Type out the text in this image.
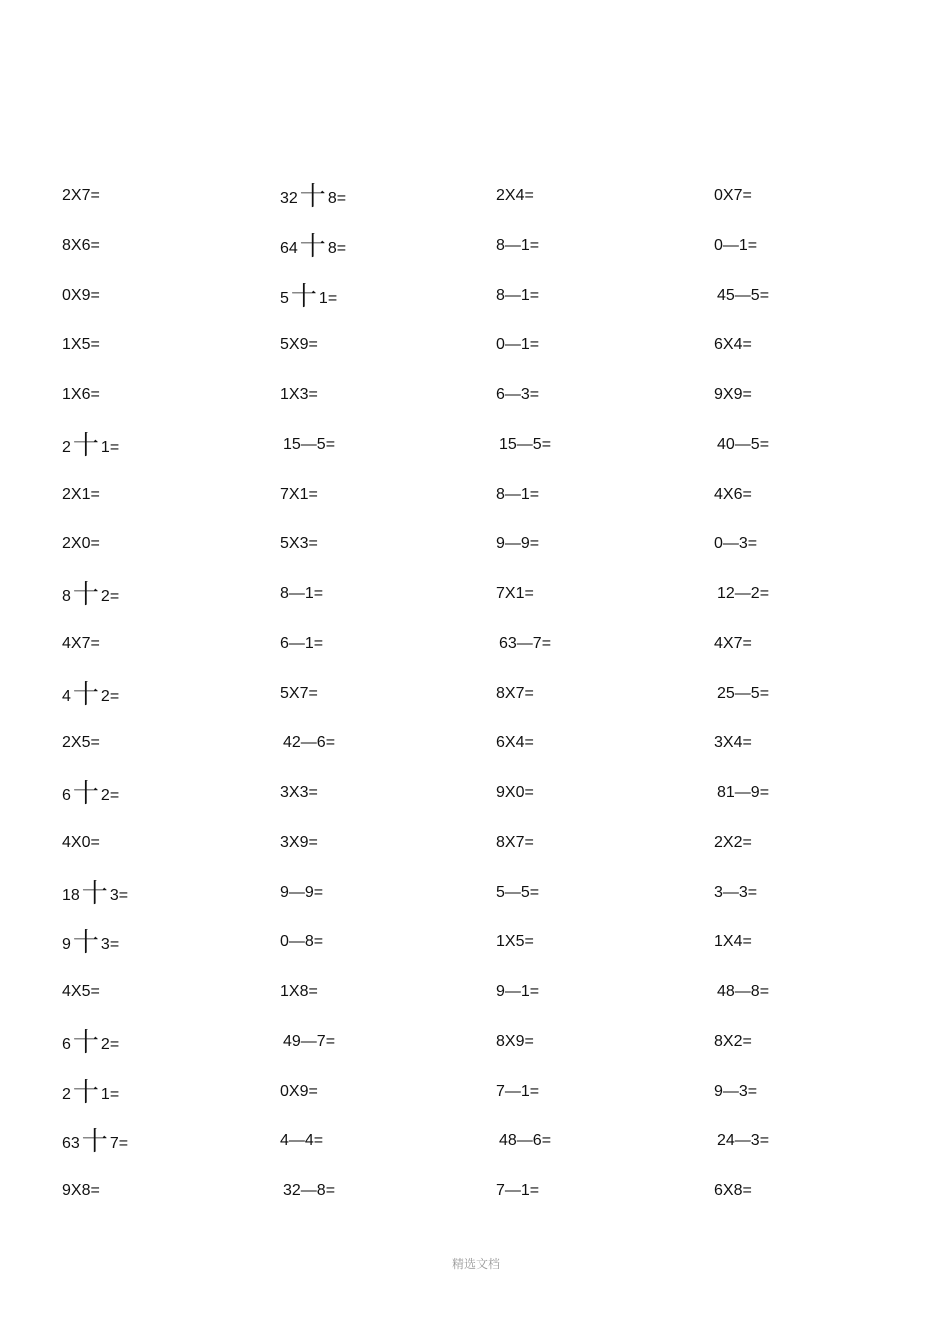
2X7=	32十 8=	2X4=	0X7=
8X6=	64十 8=	8—1=	0—1=
0X9=	5十 1=	8—1=	45—5=
1X5=	5X9=	0—1=	6X4=
1X6=	1X3=	6—3=	9X9=
2十 1=	15—5=	15—5=	40—5=
2X1=	7X1=	8—1=	4X6=
2X0=	5X3=	9—9=	0—3=
8十 2=	8—1=	7X1=	12—2=
4X7=	6—1=	63—7=	4X7=
4十 2=	5X7=	8X7=	25—5=
2X5=	42—6=	6X4=	3X4=
6十 2=	3X3=	9X0=	81—9=
4X0=	3X9=	8X7=	2X2=
18十 3=	9—9=	5—5=	3—3=
9十 3=	0—8=	1X5=	1X4=
4X5=	1X8=	9—1=	48—8=
6十 2=	49—7=	8X9=	8X2=
2十 1=	0X9=	7—1=	9—3=
63十 7=	4—4=	48—6=	24—3=
9X8=	32—8=	7—1=	6X8=
精选文档
